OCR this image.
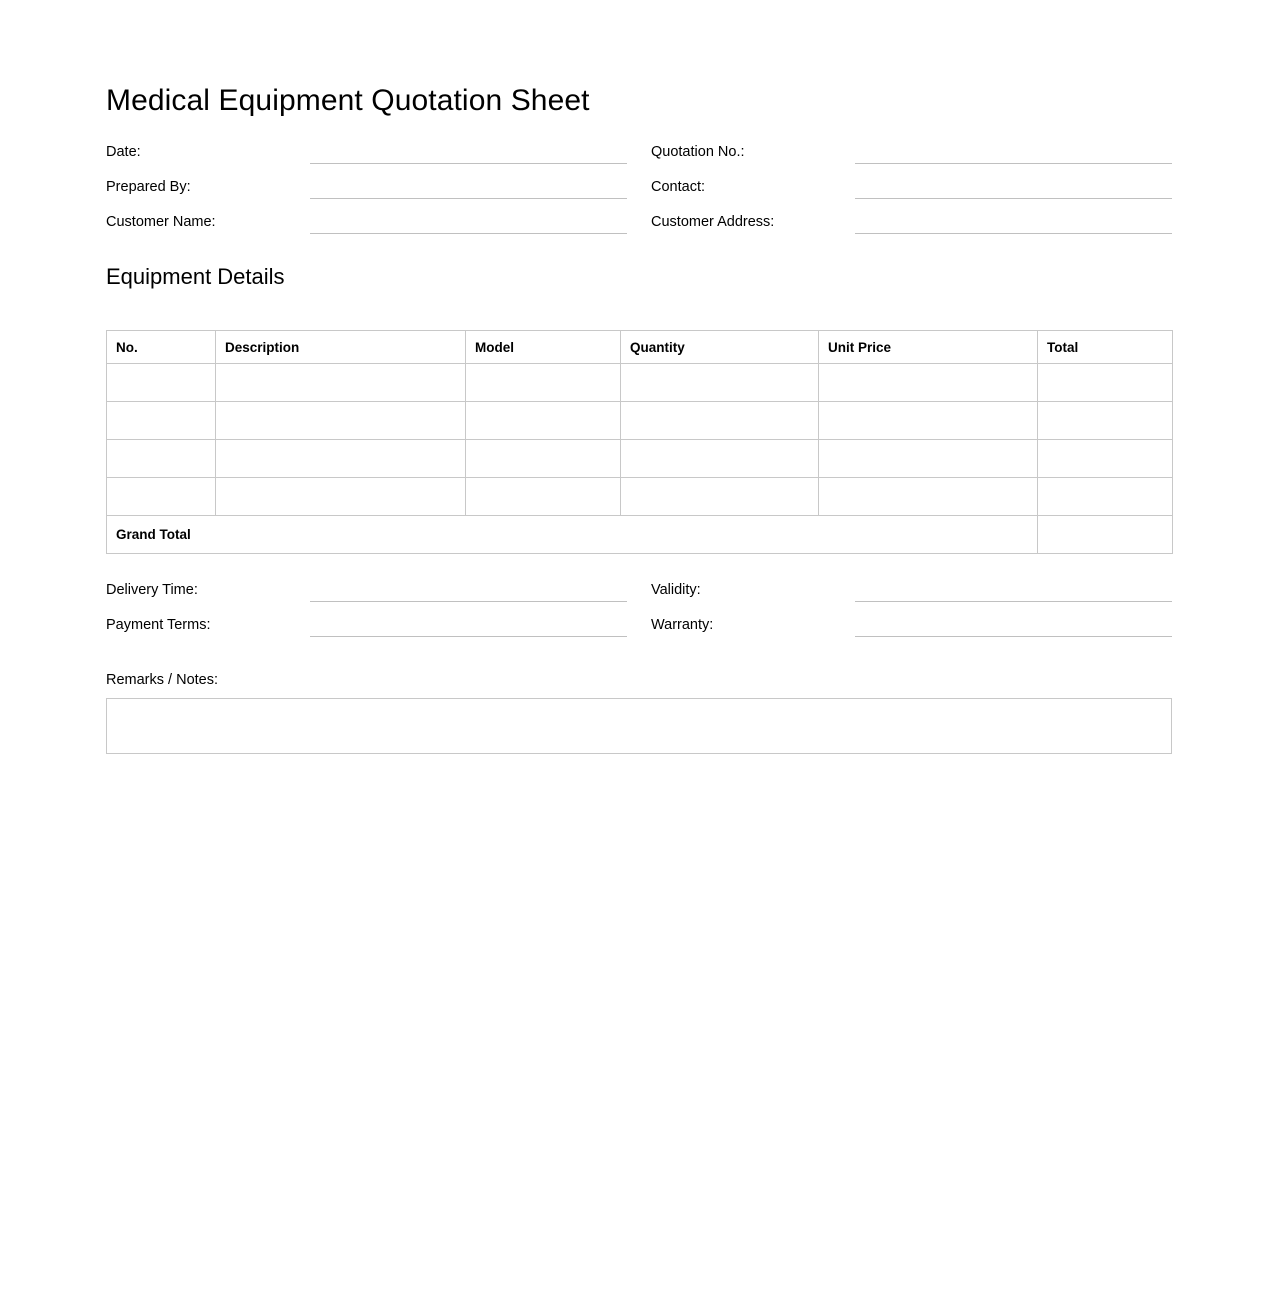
Medical Equipment Quotation Sheet
Date:	Quotation No.:
Prepared By:	Contact:
Customer Name:	Customer Address:
Equipment Details
No.	Description	Model	Quantity	Unit Price	Total

Grand Total					
Delivery Time:	Validity:
Payment Terms:	Warranty:
Remarks / Notes:
